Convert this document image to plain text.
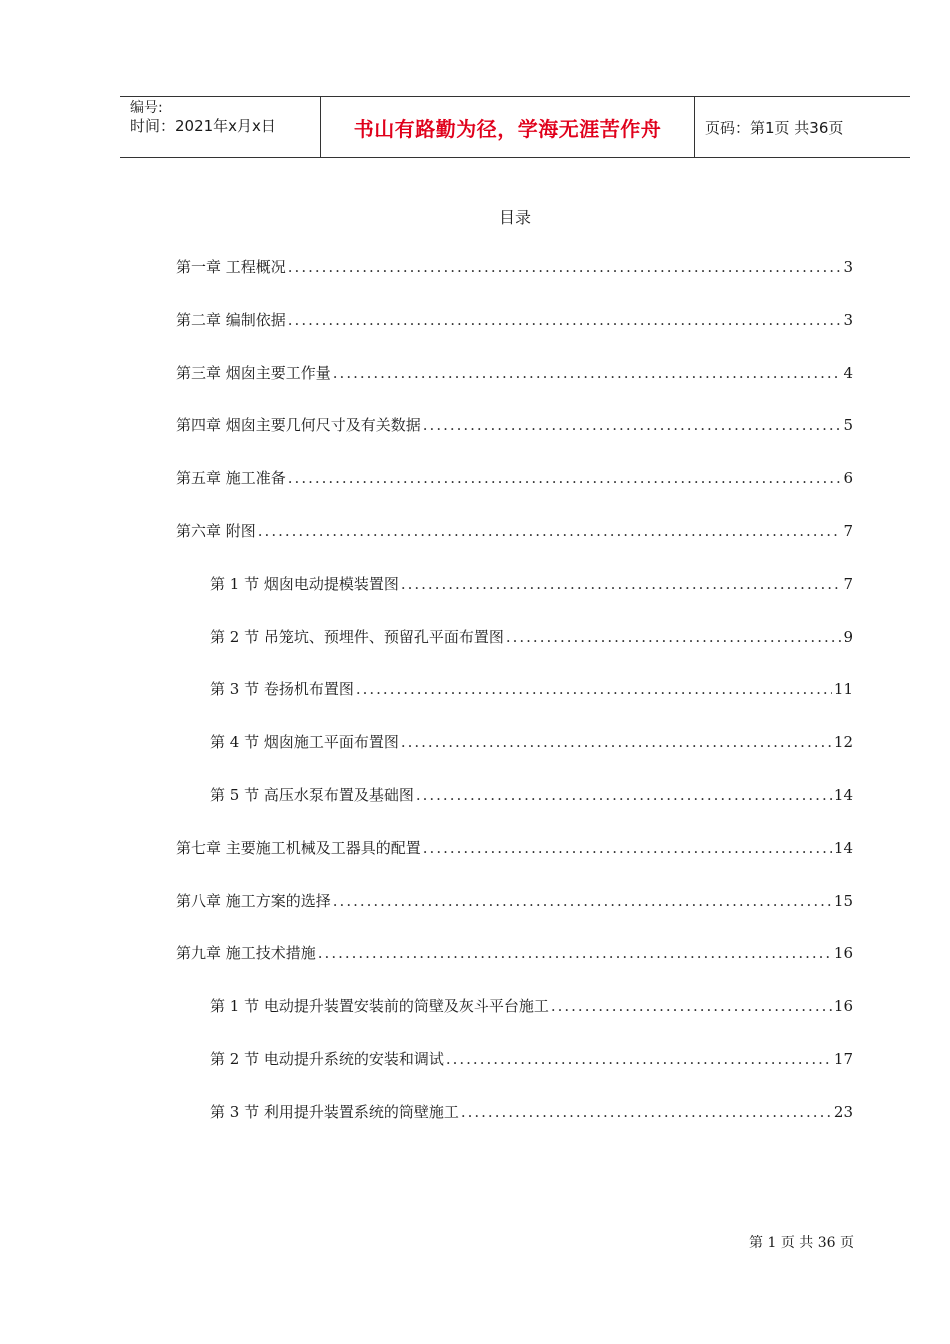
编号:
时间：2021年x月x日	书山有路勤为径，学海无涯苦作舟	页码：第1页 共36页
目录
第一章 工程概况 .....	3
第二章 编制依据 .....	3
第三章 烟囱主要工作量 .....	4
第四章 烟囱主要几何尺寸及有关数据 .....	5
第五章 施工准备 .....	6
第六章 附图 .....	7
第 1 节 烟囱电动提模装置图 .....	7
第 2 节 吊笼坑、预埋件、预留孔平面布置图 .....	9
第 3 节 卷扬机布置图 .....	11
第 4 节 烟囱施工平面布置图 .....	12
第 5 节 高压水泵布置及基础图 .....	14
第七章 主要施工机械及工器具的配置 .....	14
第八章 施工方案的选择 .....	15
第九章 施工技术措施 .....	16
第 1 节 电动提升装置安装前的筒壁及灰斗平台施工 .....	16
第 2 节 电动提升系统的安装和调试 .....	17
第 3 节 利用提升装置系统的筒壁施工 .....	23
第 1 页 共 36 页
